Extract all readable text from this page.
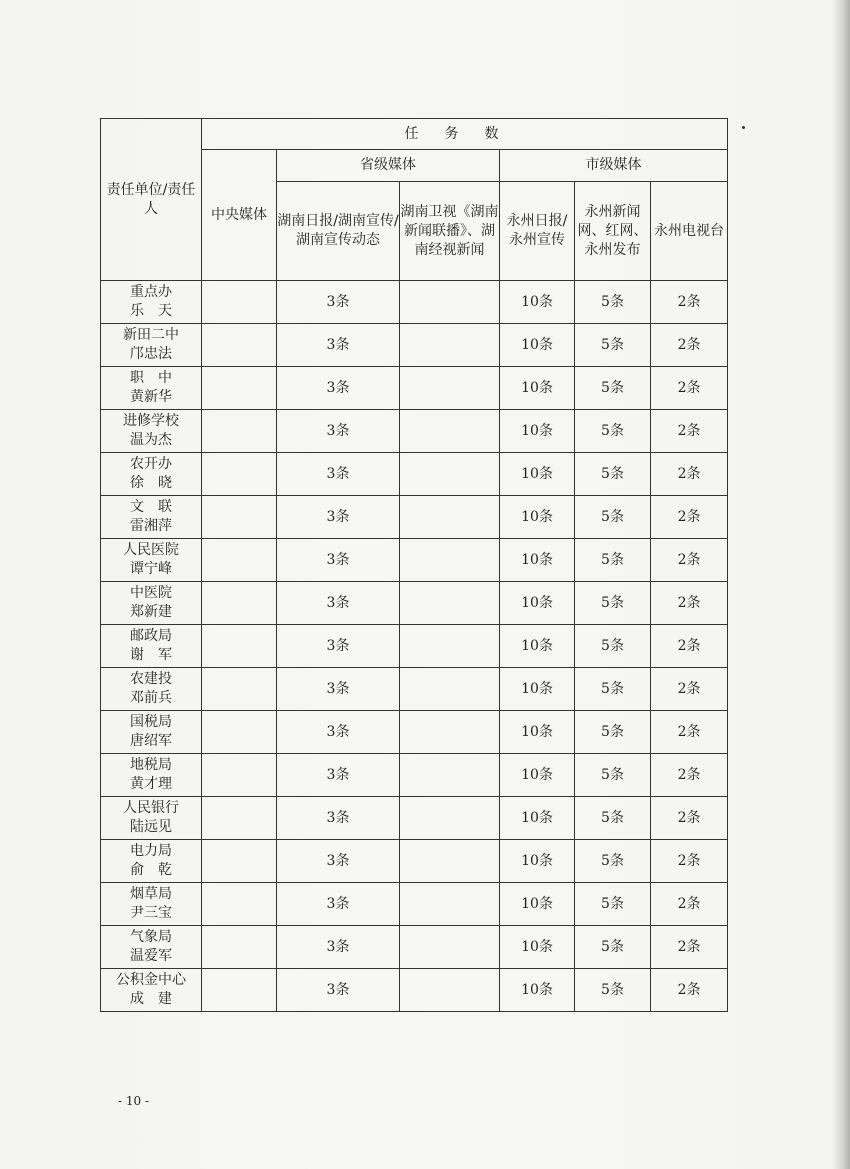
责任单位/责任人	任务数					
	中央媒体	省级媒体		市级媒体		
		湖南日报/湖南宣传/湖南宣传动态	湖南卫视《湖南新闻联播》、湖南经视新闻	永州日报/永州宣传	永州新闻网、红网、永州发布	永州电视台

重点办
乐　天		3条		10条	5条	2条

新田二中
邝忠法		3条		10条	5条	2条

职　中
黄新华		3条		10条	5条	2条

进修学校
温为杰		3条		10条	5条	2条

农开办
徐　晓		3条		10条	5条	2条

文　联
雷湘萍		3条		10条	5条	2条

人民医院
谭宁峰		3条		10条	5条	2条

中医院
郑新建		3条		10条	5条	2条

邮政局
谢　军		3条		10条	5条	2条

农建投
邓前兵		3条		10条	5条	2条

国税局
唐绍军		3条		10条	5条	2条

地税局
黄才理		3条		10条	5条	2条

人民银行
陆远见		3条		10条	5条	2条

电力局
俞　乾		3条		10条	5条	2条

烟草局
尹三宝		3条		10条	5条	2条

气象局
温爱军		3条		10条	5条	2条

公积金中心
成　建		3条		10条	5条	2条
- 10 -
